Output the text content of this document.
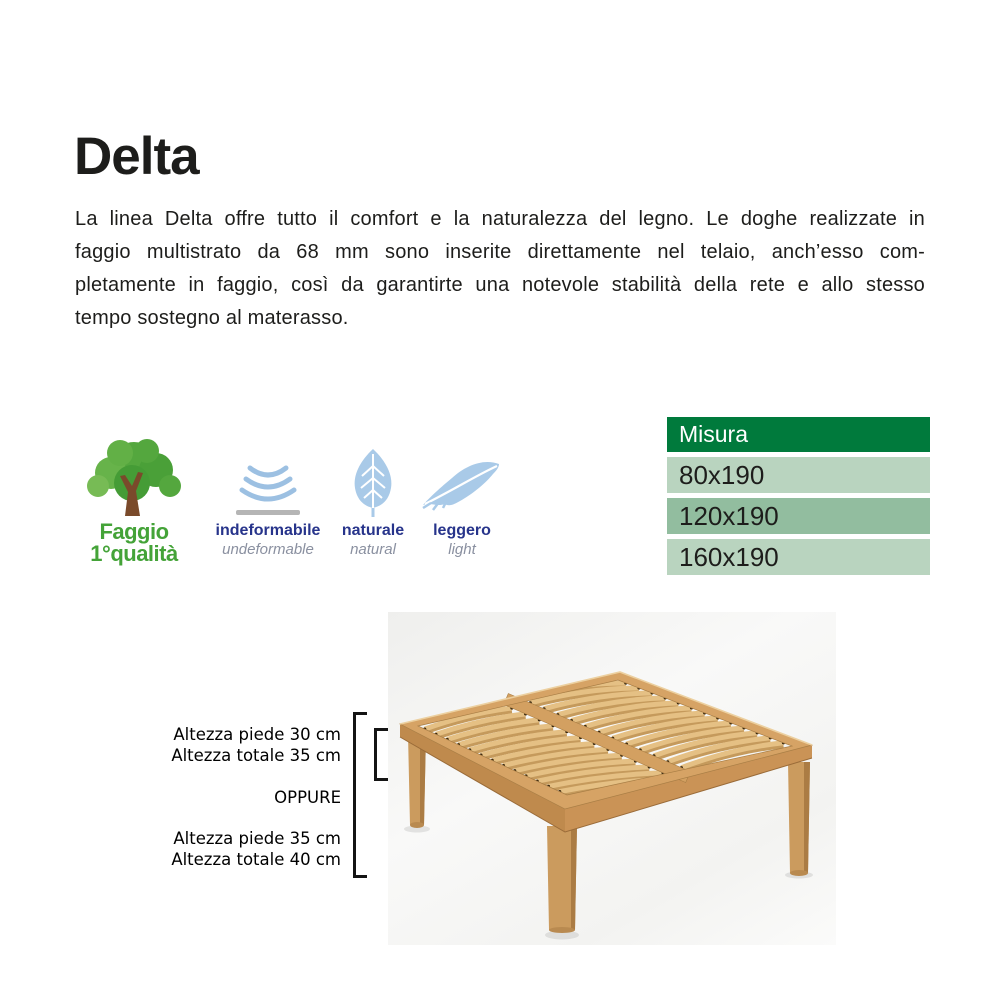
Delta
La linea Delta offre tutto il comfort e la naturalezza del legno. Le doghe realizzate in
faggio multistrato da 68 mm sono inserite direttamente nel telaio, anch’esso com-
pletamente in faggio, così da garantirte una notevole stabilità della rete e allo stesso
tempo sostegno al materasso.
Faggio
1°qualità
indeformabile
undeformable
naturale
natural
leggero
light
Misura
80x190
120x190
160x190
Altezza piede 30 cm
Altezza totale 35 cm
OPPURE
Altezza piede 35 cm
Altezza totale 40 cm
